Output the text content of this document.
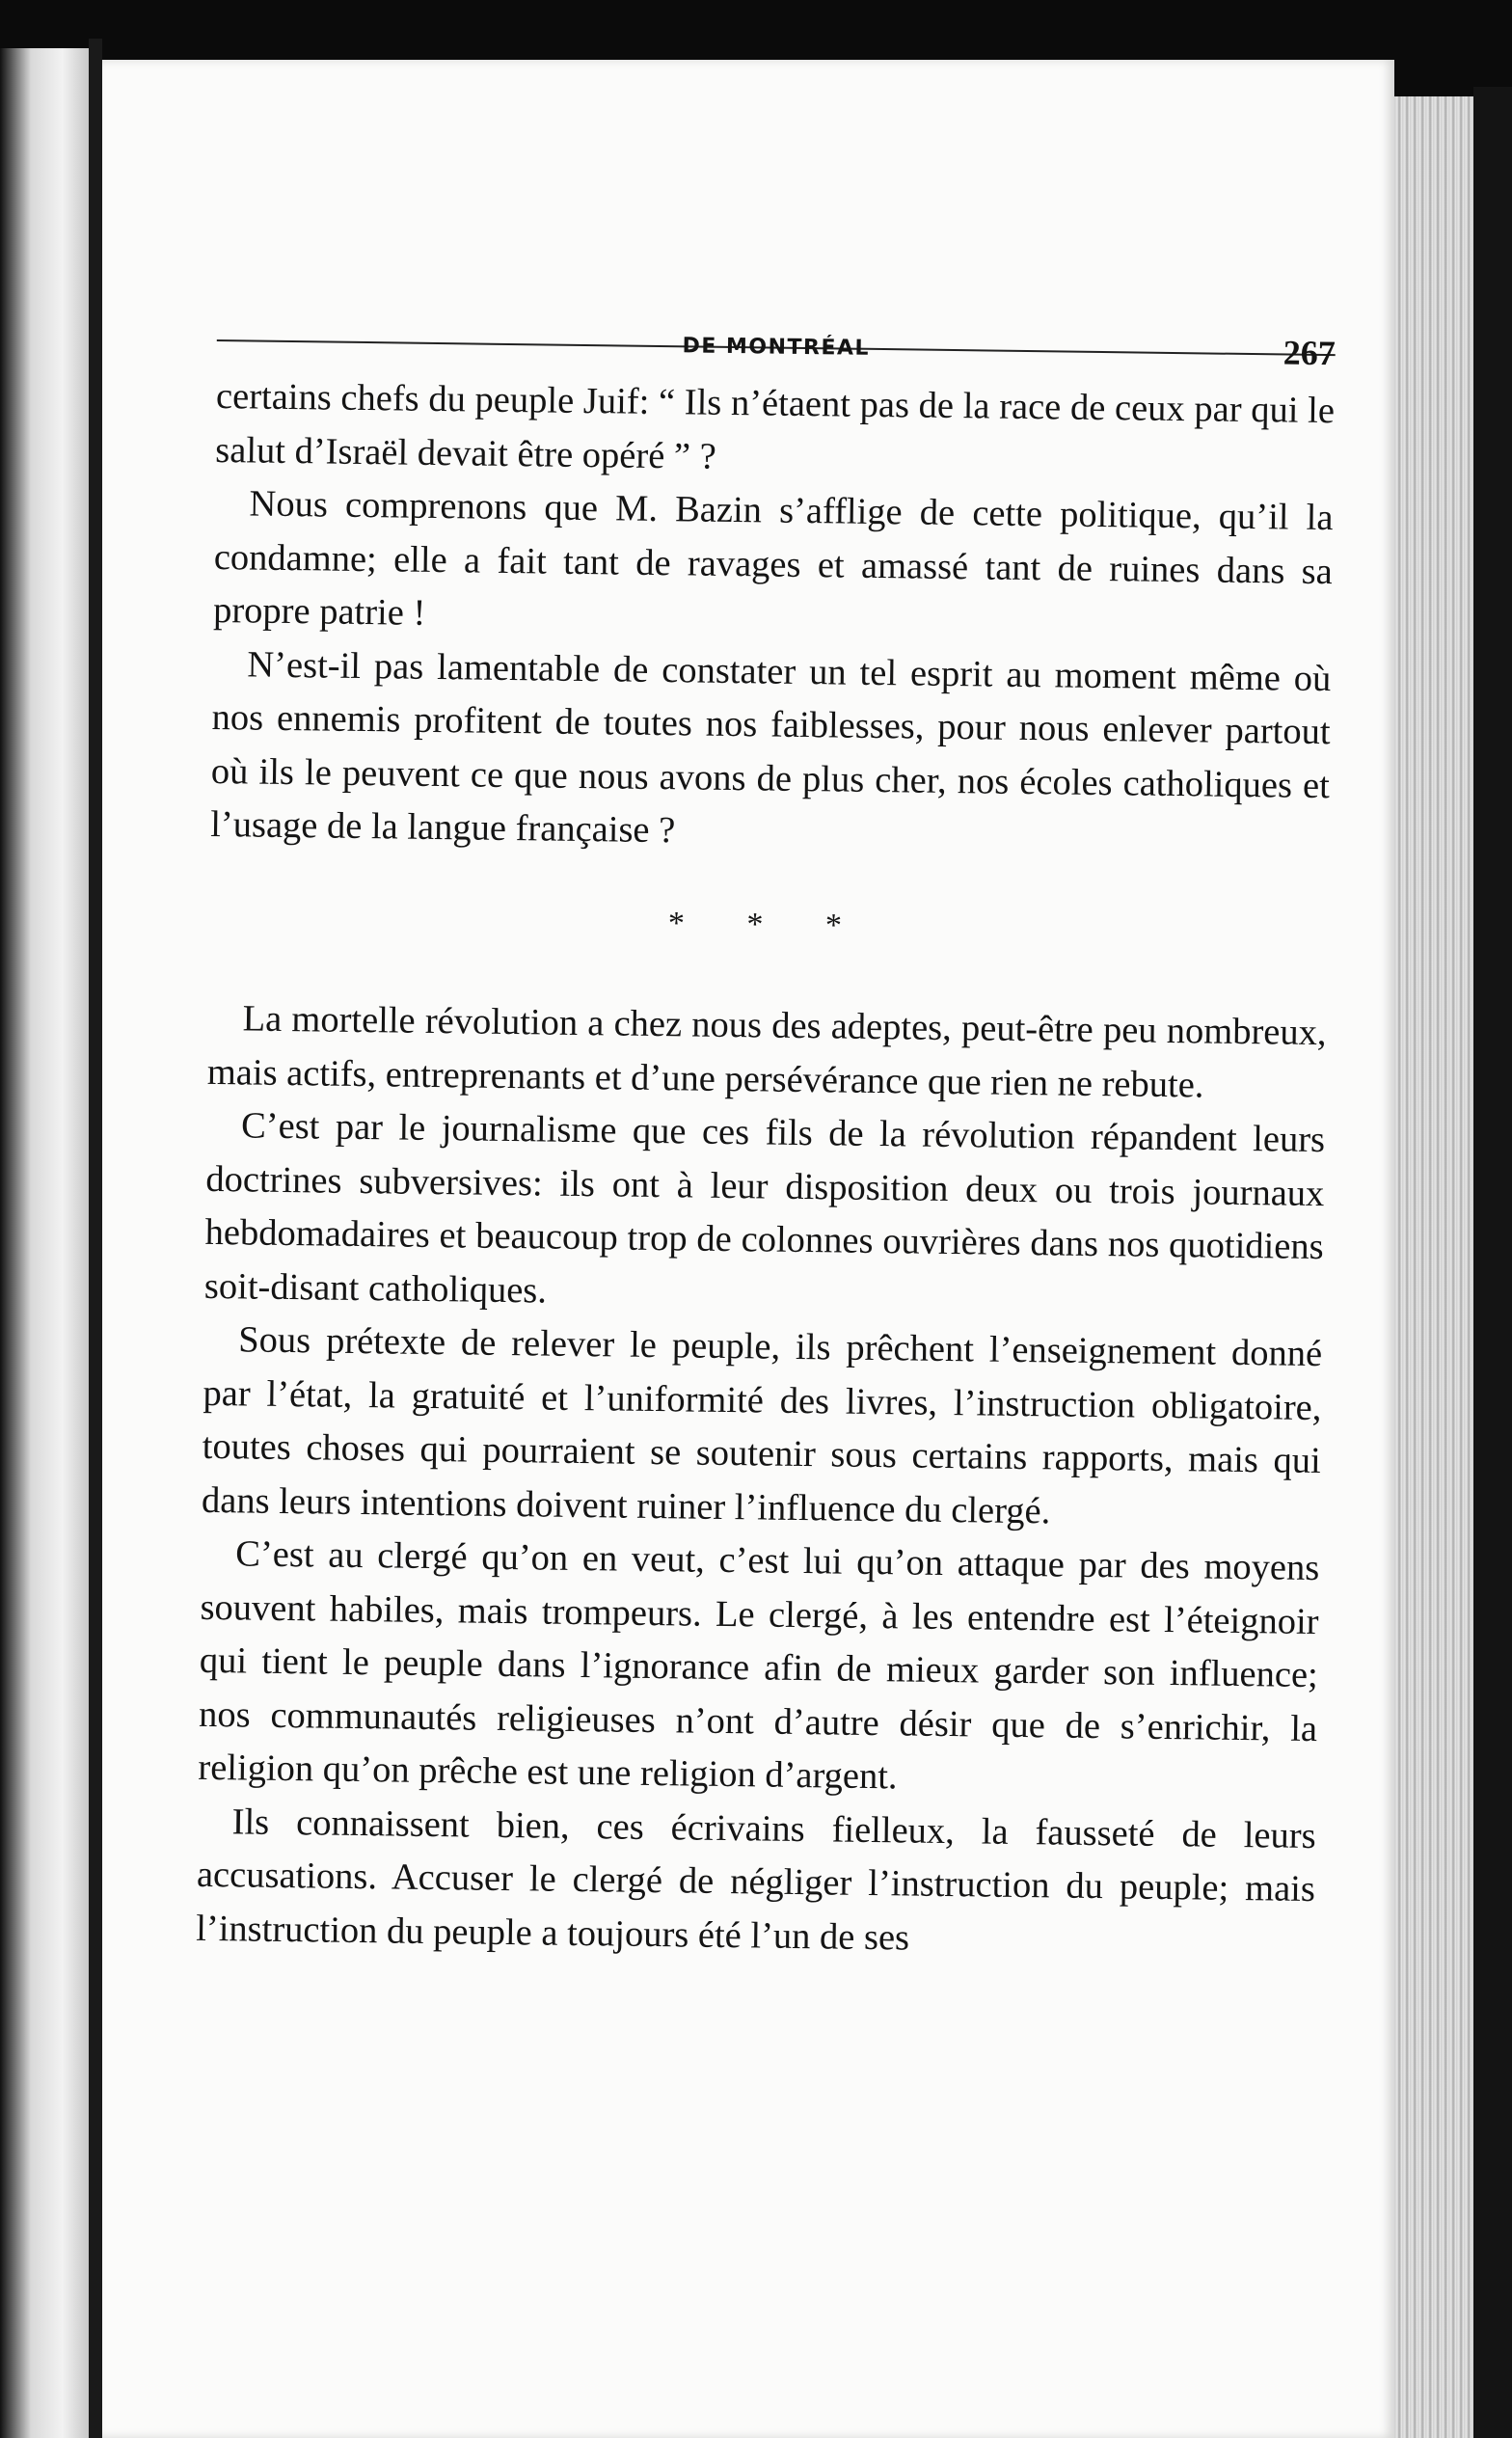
DE MONTRÉAL	267

certains chefs du peuple Juif: “ Ils n’étaent pas de la race de ceux par qui le salut d’Israël devait être opéré ” ?

Nous comprenons que M. Bazin s’afflige de cette politique, qu’il la condamne; elle a fait tant de ravages et amassé tant de ruines dans sa propre patrie !

N’est-il pas lamentable de constater un tel esprit au moment même où nos ennemis profitent de toutes nos faiblesses, pour nous enlever partout où ils le peuvent ce que nous avons de plus cher, nos écoles catholiques et l’usage de la langue française ?

* * *

La mortelle révolution a chez nous des adeptes, peut-être peu nombreux, mais actifs, entreprenants et d’une persévérance que rien ne rebute.

C’est par le journalisme que ces fils de la révolution répandent leurs doctrines subversives: ils ont à leur disposition deux ou trois journaux hebdomadaires et beaucoup trop de colonnes ouvrières dans nos quotidiens soit-disant catholiques.

Sous prétexte de relever le peuple, ils prêchent l’enseignement donné par l’état, la gratuité et l’uniformité des livres, l’instruction obligatoire, toutes choses qui pourraient se soutenir sous certains rapports, mais qui dans leurs intentions doivent ruiner l’influence du clergé.

C’est au clergé qu’on en veut, c’est lui qu’on attaque par des moyens souvent habiles, mais trompeurs. Le clergé, à les entendre est l’éteignoir qui tient le peuple dans l’ignorance afin de mieux garder son influence; nos communautés religieuses n’ont d’autre désir que de s’enrichir, la religion qu’on prêche est une religion d’argent.

Ils connaissent bien, ces écrivains fielleux, la fausseté de leurs accusations. Accuser le clergé de négliger l’instruction du peuple; mais l’instruction du peuple a toujours été l’un de ses
